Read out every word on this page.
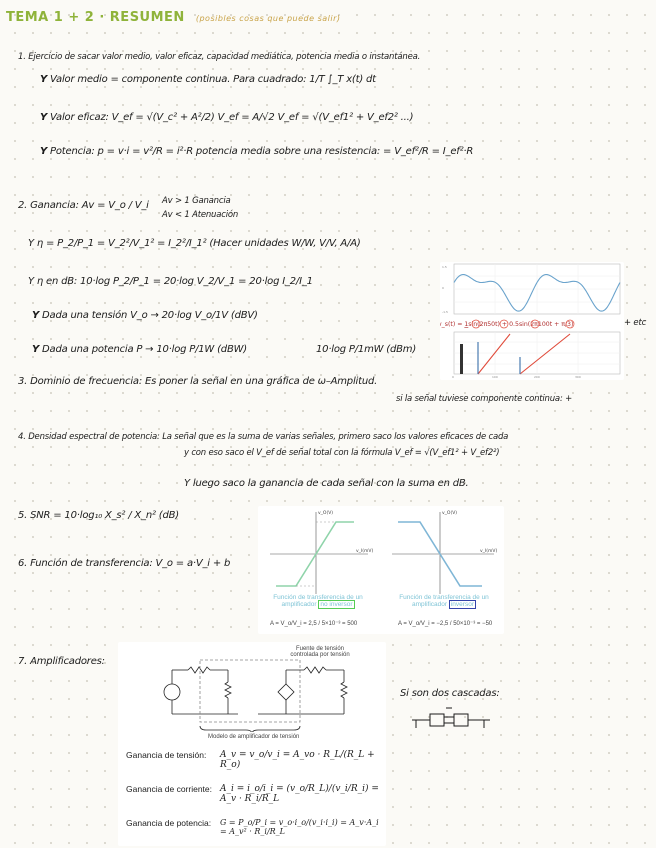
TEMA 1 + 2 · RESUMEN (posibles cosas que puede salir)
1. Ejercicio de sacar valor medio, valor eficaz, capacidad mediática, potencia media o instantánea.
Y Valor medio = componente continua. Para cuadrado: 1/T ∫_T x(t) dt
Y Valor eficaz: V_ef = √(V_c² + A²/2) V_ef = A/√2 V_ef = √(V_ef1² + V_ef2² ...)
Y Potencia: p = v·i = v²/R = i²·R potencia media sobre una resistencia: = V_ef²/R = I_ef²·R
2. Ganancia: Av = V_o / V_i Av > 1 Ganancia
Av < 1 Atenuación
Y η = P_2/P_1 = V_2²/V_1² = I_2²/I_1² (Hacer unidades W/W, V/V, A/A)
Y η en dB: 10·log P_2/P_1 = 20·log V_2/V_1 = 20·log I_2/I_1
Y Dada una tensión V_o → 20·log V_o/1V (dBV)
Y Dada una potencia P → 10·log P/1W (dBW)	10·log P/1mW (dBm)
1.5
0
-1.5
v_s(t) = 1sin(2π50t) + 0.5sin(2π100t + π/3)
0	100	200	300
+ etc
3. Dominio de frecuencia: Es poner la señal en una gráfica de ω–Amplitud.
si la señal tuviese componente continua: +
4. Densidad espectral de potencia: La señal que es la suma de varias señales, primero saco los valores eficaces de cada
y con eso saco el V_ef de señal total con la fórmula V_ef = √(V_ef1² + V_ef2²)
Y luego saco la ganancia de cada señal con la suma en dB.
5. SNR = 10·log₁₀ X_s² / X_n² (dB)
6. Función de transferencia: V_o = a·V_i + b
v_O(V)
v_I(mV)
v_O(V)
v_I(mV)
Función de transferencia de un
amplificador no inversor
Función de transferencia de un
amplificador inversor
A = V_o/V_i = 2,5 / 5×10⁻³ = 500	A = V_o/V_i = −2,5 / 50×10⁻³ = −50
7. Amplificadores:
Fuente de tensión
controlada por tensión
Modelo de amplificador de tensión
Ganancia de tensión: A_v = v_o/v_i = A_vo · R_L/(R_L + R_o)
Ganancia de corriente: A_i = i_o/i_i = (v_o/R_L)/(v_i/R_i) = A_v · R_i/R_L
Ganancia de potencia: G = P_o/P_i = v_o·i_o/(v_i·i_i) = A_v·A_i = A_v² · R_i/R_L
Si son dos cascadas:
